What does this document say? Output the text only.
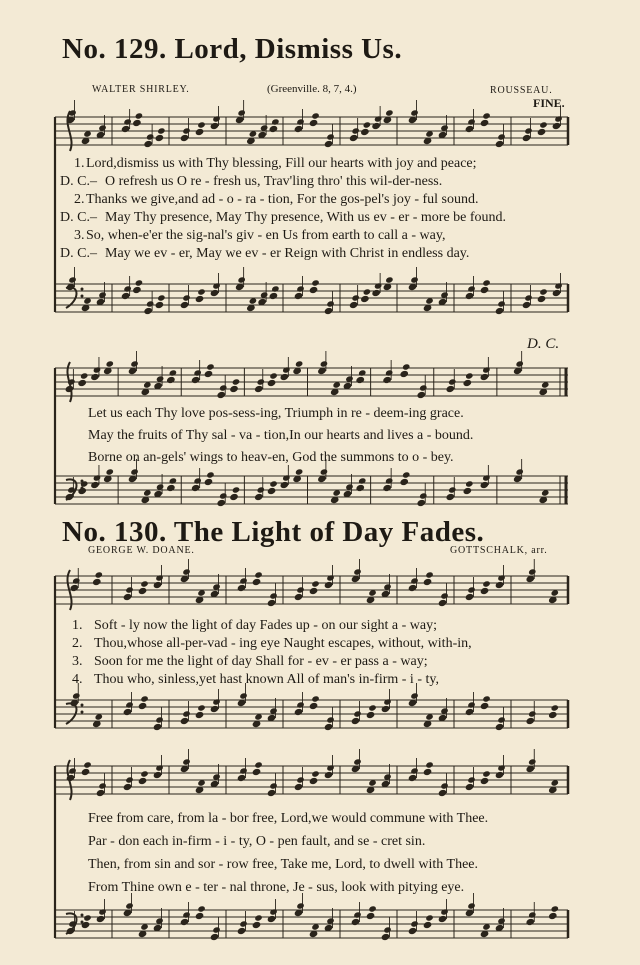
No. 129. Lord, Dismiss Us.
WALTER SHIRLEY.	(Greenville. 8, 7, 4.)	ROUSSEAU.
FINE.
1. Lord,dismiss us with Thy blessing, Fill our hearts with joy and peace;
D. C.– O refresh us O re - fresh us, Trav'ling thro' this wil-der-ness.
2. Thanks we give,and ad - o - ra - tion, For the gos-pel's joy - ful sound.
D. C.– May Thy presence, May Thy presence, With us ev - er - more be found.
3. So, when-e'er the sig-nal's giv - en Us from earth to call a - way,
D. C.– May we ev - er, May we ev - er Reign with Christ in endless day.
D. C.
Let us each Thy love pos-sess-ing, Triumph in re - deem-ing grace.
May the fruits of Thy sal - va - tion,In our hearts and lives a - bound.
Borne on an-gels' wings to heav-en, God the summons to o - bey.
No. 130. The Light of Day Fades.
GEORGE W. DOANE.	GOTTSCHALK, arr.
1. Soft - ly now the light of day Fades up - on our sight a - way;
2. Thou,whose all-per-vad - ing eye Naught escapes, without, with-in,
3. Soon for me the light of day Shall for - ev - er pass a - way;
4. Thou who, sinless,yet hast known All of man's in-firm - i - ty,
Free from care, from la - bor free, Lord,we would commune with Thee.
Par - don each in-firm - i - ty, O - pen fault, and se - cret sin.
Then, from sin and sor - row free, Take me, Lord, to dwell with Thee.
From Thine own e - ter - nal throne, Je - sus, look with pitying eye.
